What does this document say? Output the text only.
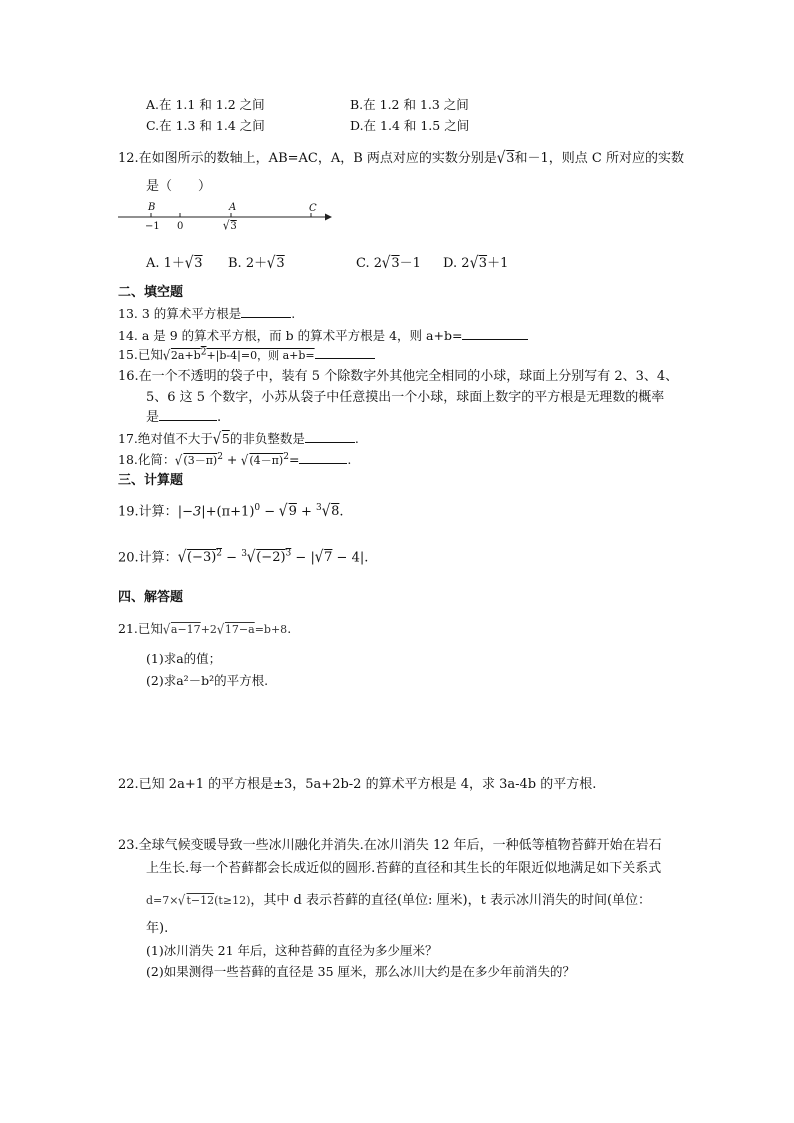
A.在 1.1 和 1.2 之间	B.在 1.2 和 1.3 之间
C.在 1.3 和 1.4 之间	D.在 1.4 和 1.5 之间
12.在如图所示的数轴上，AB=AC，A，B 两点对应的实数分别是√3和－1，则点 C 所对应的实数
是（　　）
B	A	C
−1 0	√3
A. 1＋√3 B. 2＋√3	C. 2√3－1 D. 2√3＋1
二、填空题
13. 3 的算术平方根是	.
14. a 是 9 的算术平方根，而 b 的算术平方根是 4，则 a+b=
15.已知$√2a+b^2+|b-4|=0$，则 a+b=
16.在一个不透明的袋子中，装有 5 个除数字外其他完全相同的小球，球面上分别写有 2、3、4、
5、6 这 5 个数字，小苏从袋子中任意摸出一个小球，球面上数字的平方根是无理数的概率
是	.
17.绝对值不大于√5的非负整数是	.
18.化简：$√(3-\pi)^2 + √(4-\pi)^2=$	.
三、计算题
19.计算：$|-3|+(\pi+1)^0 - √9 + ^3√8$.
20.计算：$√(-3)^2 - ^3√(-2)^3 - |√7 - 4|$.
四、解答题
21.已知√a−17+2√17−a=b+8.
(1)求a的值；
(2)求a²－b²的平方根.
22.已知 2a+1 的平方根是±3，5a+2b-2 的算术平方根是 4，求 3a-4b 的平方根.
23.全球气候变暖导致一些冰川融化并消失.在冰川消失 12 年后，一种低等植物苔藓开始在岩石
上生长.每一个苔藓都会长成近似的圆形.苔藓的直径和其生长的年限近似地满足如下关系式
d=7×√t−12(t≥12)，其中 d 表示苔藓的直径(单位: 厘米)，t 表示冰川消失的时间(单位：
年).
(1)冰川消失 21 年后，这种苔藓的直径为多少厘米？
(2)如果测得一些苔藓的直径是 35 厘米，那么冰川大约是在多少年前消失的？
